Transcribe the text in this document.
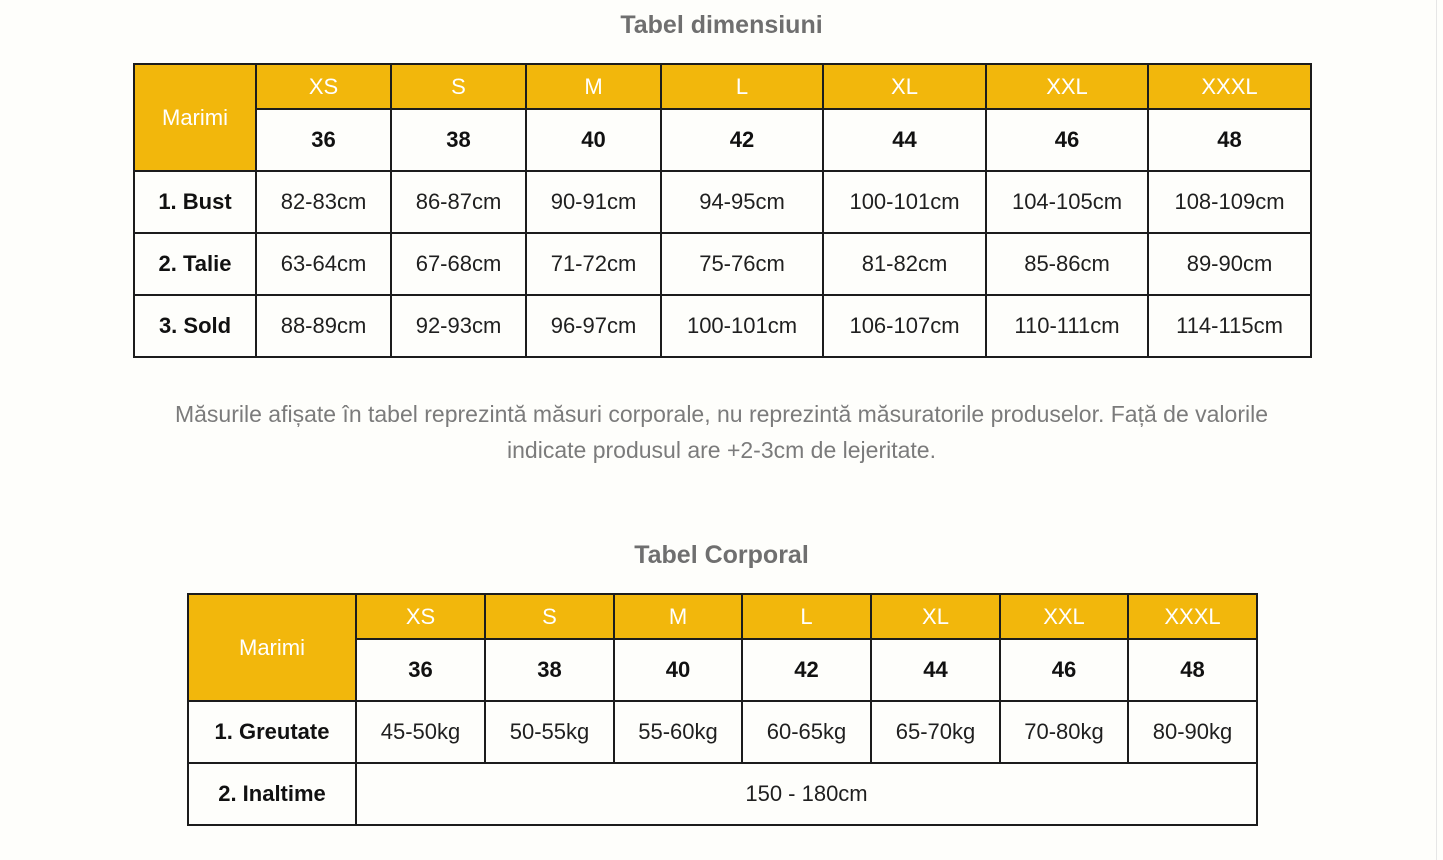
Tabel dimensiuni
Marimi	XS	S	M	L	XL	XXL	XXXL
	36	38	40	42	44	46	48
1. Bust	82-83cm	86-87cm	90-91cm	94-95cm	100-101cm	104-105cm	108-109cm
2. Talie	63-64cm	67-68cm	71-72cm	75-76cm	81-82cm	85-86cm	89-90cm
3. Sold	88-89cm	92-93cm	96-97cm	100-101cm	106-107cm	110-111cm	114-115cm

Măsurile afișate în tabel reprezintă măsuri corporale, nu reprezintă măsuratorile produselor. Față de valorile

indicate produsul are +2-3cm de lejeritate.

Tabel Corporal
Marimi	XS	S	M	L	XL	XXL	XXXL
	36	38	40	42	44	46	48
1. Greutate	45-50kg	50-55kg	55-60kg	60-65kg	65-70kg	70-80kg	80-90kg
2. Inaltime	150 - 180cm						
